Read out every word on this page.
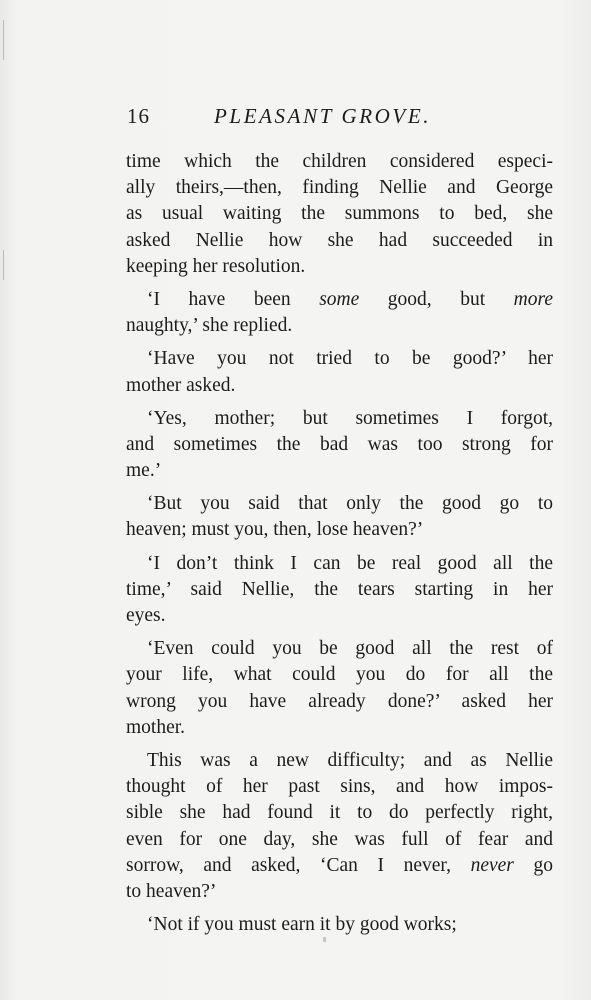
16	PLEASANT GROVE.
time which the children considered especi-
ally theirs,—then, finding Nellie and George
as usual waiting the summons to bed, she
asked Nellie how she had succeeded in
keeping her resolution.
‘I have been some good, but more
naughty,’ she replied.
‘Have you not tried to be good?’ her
mother asked.
‘Yes, mother; but sometimes I forgot,
and sometimes the bad was too strong for
me.’
‘But you said that only the good go to
heaven; must you, then, lose heaven?’
‘I don’t think I can be real good all the
time,’ said Nellie, the tears starting in her
eyes.
‘Even could you be good all the rest of
your life, what could you do for all the
wrong you have already done?’ asked her
mother.
This was a new difficulty; and as Nellie
thought of her past sins, and how impos-
sible she had found it to do perfectly right,
even for one day, she was full of fear and
sorrow, and asked, ‘Can I never, never go
to heaven?’
‘Not if you must earn it by good works;
